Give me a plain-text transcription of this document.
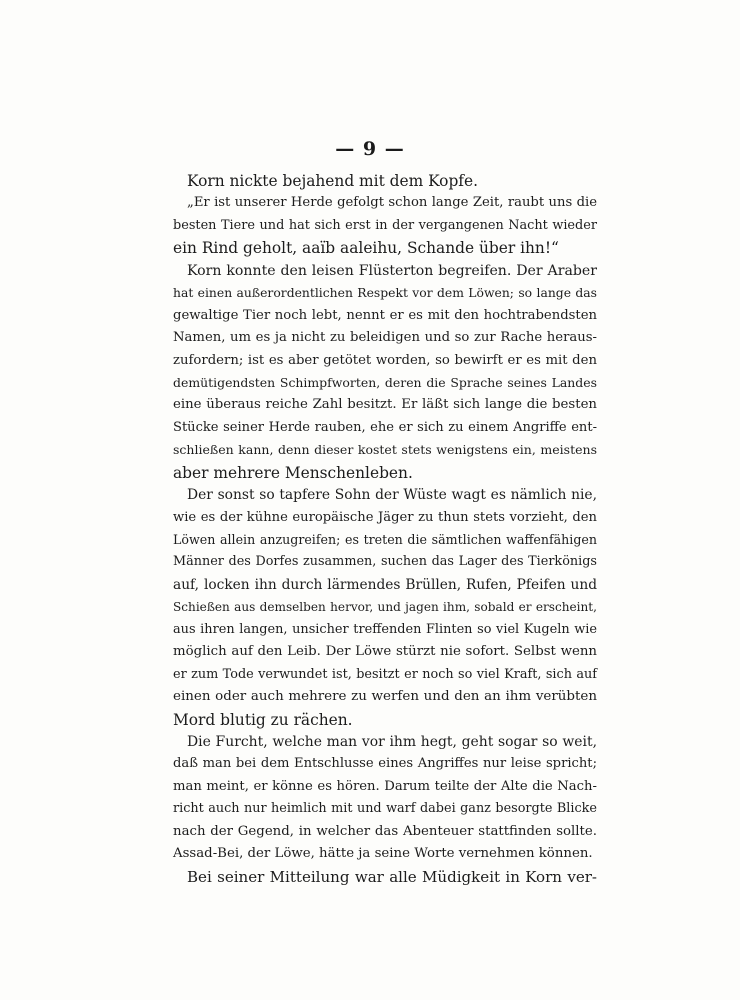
— 9 —
Korn nickte bejahend mit dem Kopfe.
„Er ist unserer Herde gefolgt schon lange Zeit, raubt uns die
besten Tiere und hat sich erst in der vergangenen Nacht wieder
ein Rind geholt, aaïb aaleihu, Schande über ihn!“
Korn konnte den leisen Flüsterton begreifen. Der Araber
hat einen außerordentlichen Respekt vor dem Löwen; so lange das
gewaltige Tier noch lebt, nennt er es mit den hochtrabendsten
Namen, um es ja nicht zu beleidigen und so zur Rache heraus-
zufordern; ist es aber getötet worden, so bewirft er es mit den
demütigendsten Schimpfworten, deren die Sprache seines Landes
eine überaus reiche Zahl besitzt. Er läßt sich lange die besten
Stücke seiner Herde rauben, ehe er sich zu einem Angriffe ent-
schließen kann, denn dieser kostet stets wenigstens ein, meistens
aber mehrere Menschenleben.
Der sonst so tapfere Sohn der Wüste wagt es nämlich nie,
wie es der kühne europäische Jäger zu thun stets vorzieht, den
Löwen allein anzugreifen; es treten die sämtlichen waffenfähigen
Männer des Dorfes zusammen, suchen das Lager des Tierkönigs
auf, locken ihn durch lärmendes Brüllen, Rufen, Pfeifen und
Schießen aus demselben hervor, und jagen ihm, sobald er erscheint,
aus ihren langen, unsicher treffenden Flinten so viel Kugeln wie
möglich auf den Leib. Der Löwe stürzt nie sofort. Selbst wenn
er zum Tode verwundet ist, besitzt er noch so viel Kraft, sich auf
einen oder auch mehrere zu werfen und den an ihm verübten
Mord blutig zu rächen.
Die Furcht, welche man vor ihm hegt, geht sogar so weit,
daß man bei dem Entschlusse eines Angriffes nur leise spricht;
man meint, er könne es hören. Darum teilte der Alte die Nach-
richt auch nur heimlich mit und warf dabei ganz besorgte Blicke
nach der Gegend, in welcher das Abenteuer stattfinden sollte.
Assad-Bei, der Löwe, hätte ja seine Worte vernehmen können.
Bei seiner Mitteilung war alle Müdigkeit in Korn ver-
